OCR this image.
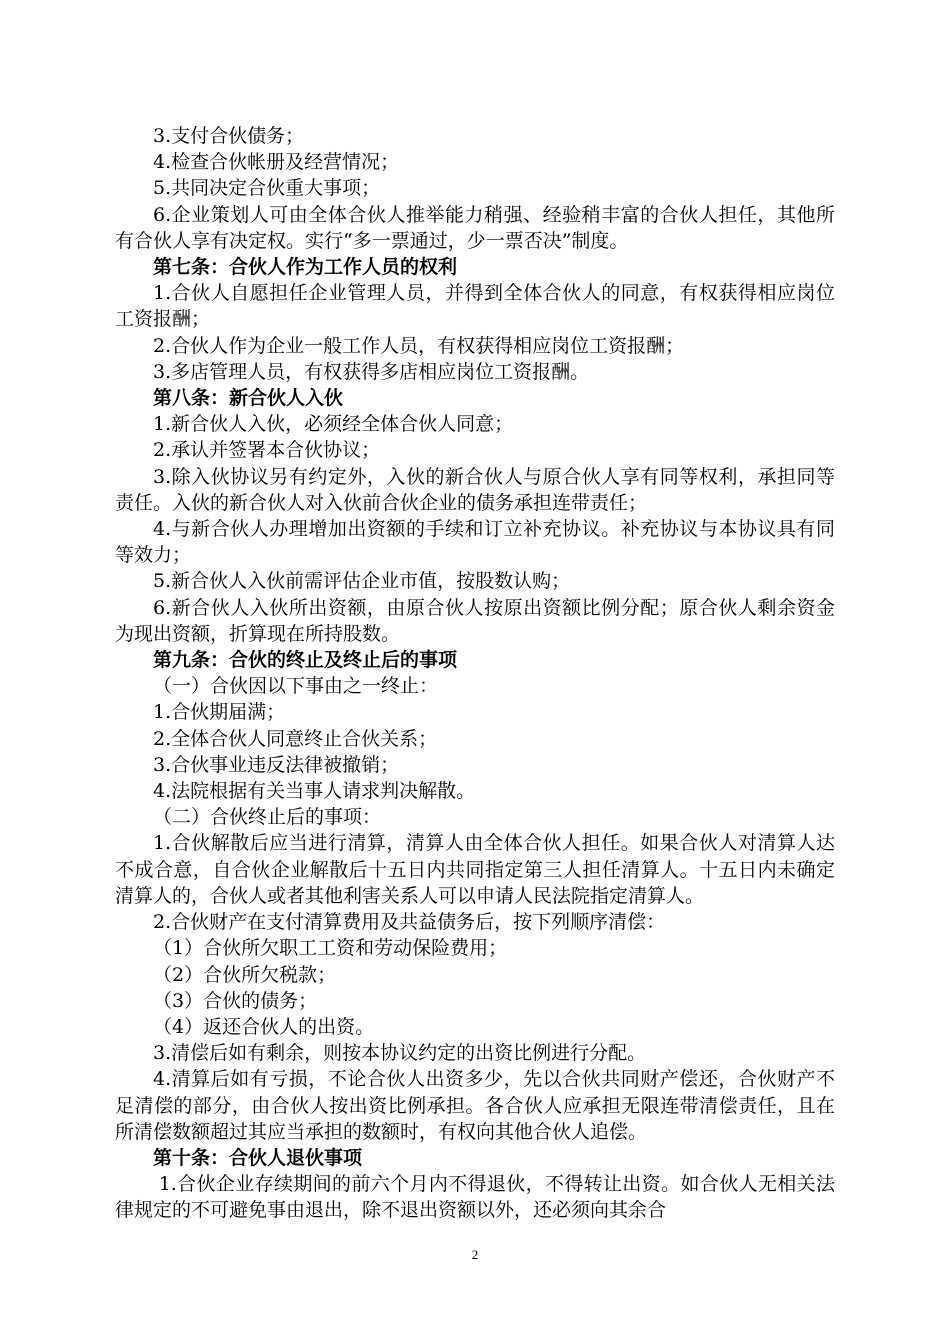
3.支付合伙债务；

4.检查合伙帐册及经营情况；

5.共同决定合伙重大事项；

6.企业策划人可由全体合伙人推举能力稍强、经验稍丰富的合伙人担任，其他所有合伙人享有决定权。实行“多一票通过，少一票否决”制度。

第七条：合伙人作为工作人员的权利

1.合伙人自愿担任企业管理人员，并得到全体合伙人的同意，有权获得相应岗位工资报酬；

2.合伙人作为企业一般工作人员，有权获得相应岗位工资报酬；

3.多店管理人员，有权获得多店相应岗位工资报酬。

第八条：新合伙人入伙

1.新合伙人入伙，必须经全体合伙人同意；

2.承认并签署本合伙协议；

3.除入伙协议另有约定外，入伙的新合伙人与原合伙人享有同等权利，承担同等责任。入伙的新合伙人对入伙前合伙企业的债务承担连带责任；

4.与新合伙人办理增加出资额的手续和订立补充协议。补充协议与本协议具有同等效力；

5.新合伙人入伙前需评估企业市值，按股数认购；

6.新合伙人入伙所出资额，由原合伙人按原出资额比例分配；原合伙人剩余资金为现出资额，折算现在所持股数。

第九条：合伙的终止及终止后的事项

（一）合伙因以下事由之一终止：

1.合伙期届满；

2.全体合伙人同意终止合伙关系；

3.合伙事业违反法律被撤销；

4.法院根据有关当事人请求判决解散。

（二）合伙终止后的事项：

1.合伙解散后应当进行清算，清算人由全体合伙人担任。如果合伙人对清算人达不成合意，自合伙企业解散后十五日内共同指定第三人担任清算人。十五日内未确定清算人的，合伙人或者其他利害关系人可以申请人民法院指定清算人。

2.合伙财产在支付清算费用及共益债务后，按下列顺序清偿：

（1）合伙所欠职工工资和劳动保险费用；

（2）合伙所欠税款；

（3）合伙的债务；

（4）返还合伙人的出资。

3.清偿后如有剩余，则按本协议约定的出资比例进行分配。

4.清算后如有亏损，不论合伙人出资多少，先以合伙共同财产偿还，合伙财产不足清偿的部分，由合伙人按出资比例承担。各合伙人应承担无限连带清偿责任，且在所清偿数额超过其应当承担的数额时，有权向其他合伙人追偿。

第十条：合伙人退伙事项

1.合伙企业存续期间的前六个月内不得退伙，不得转让出资。如合伙人无相关法律规定的不可避免事由退出，除不退出资额以外，还必须向其余合

2
